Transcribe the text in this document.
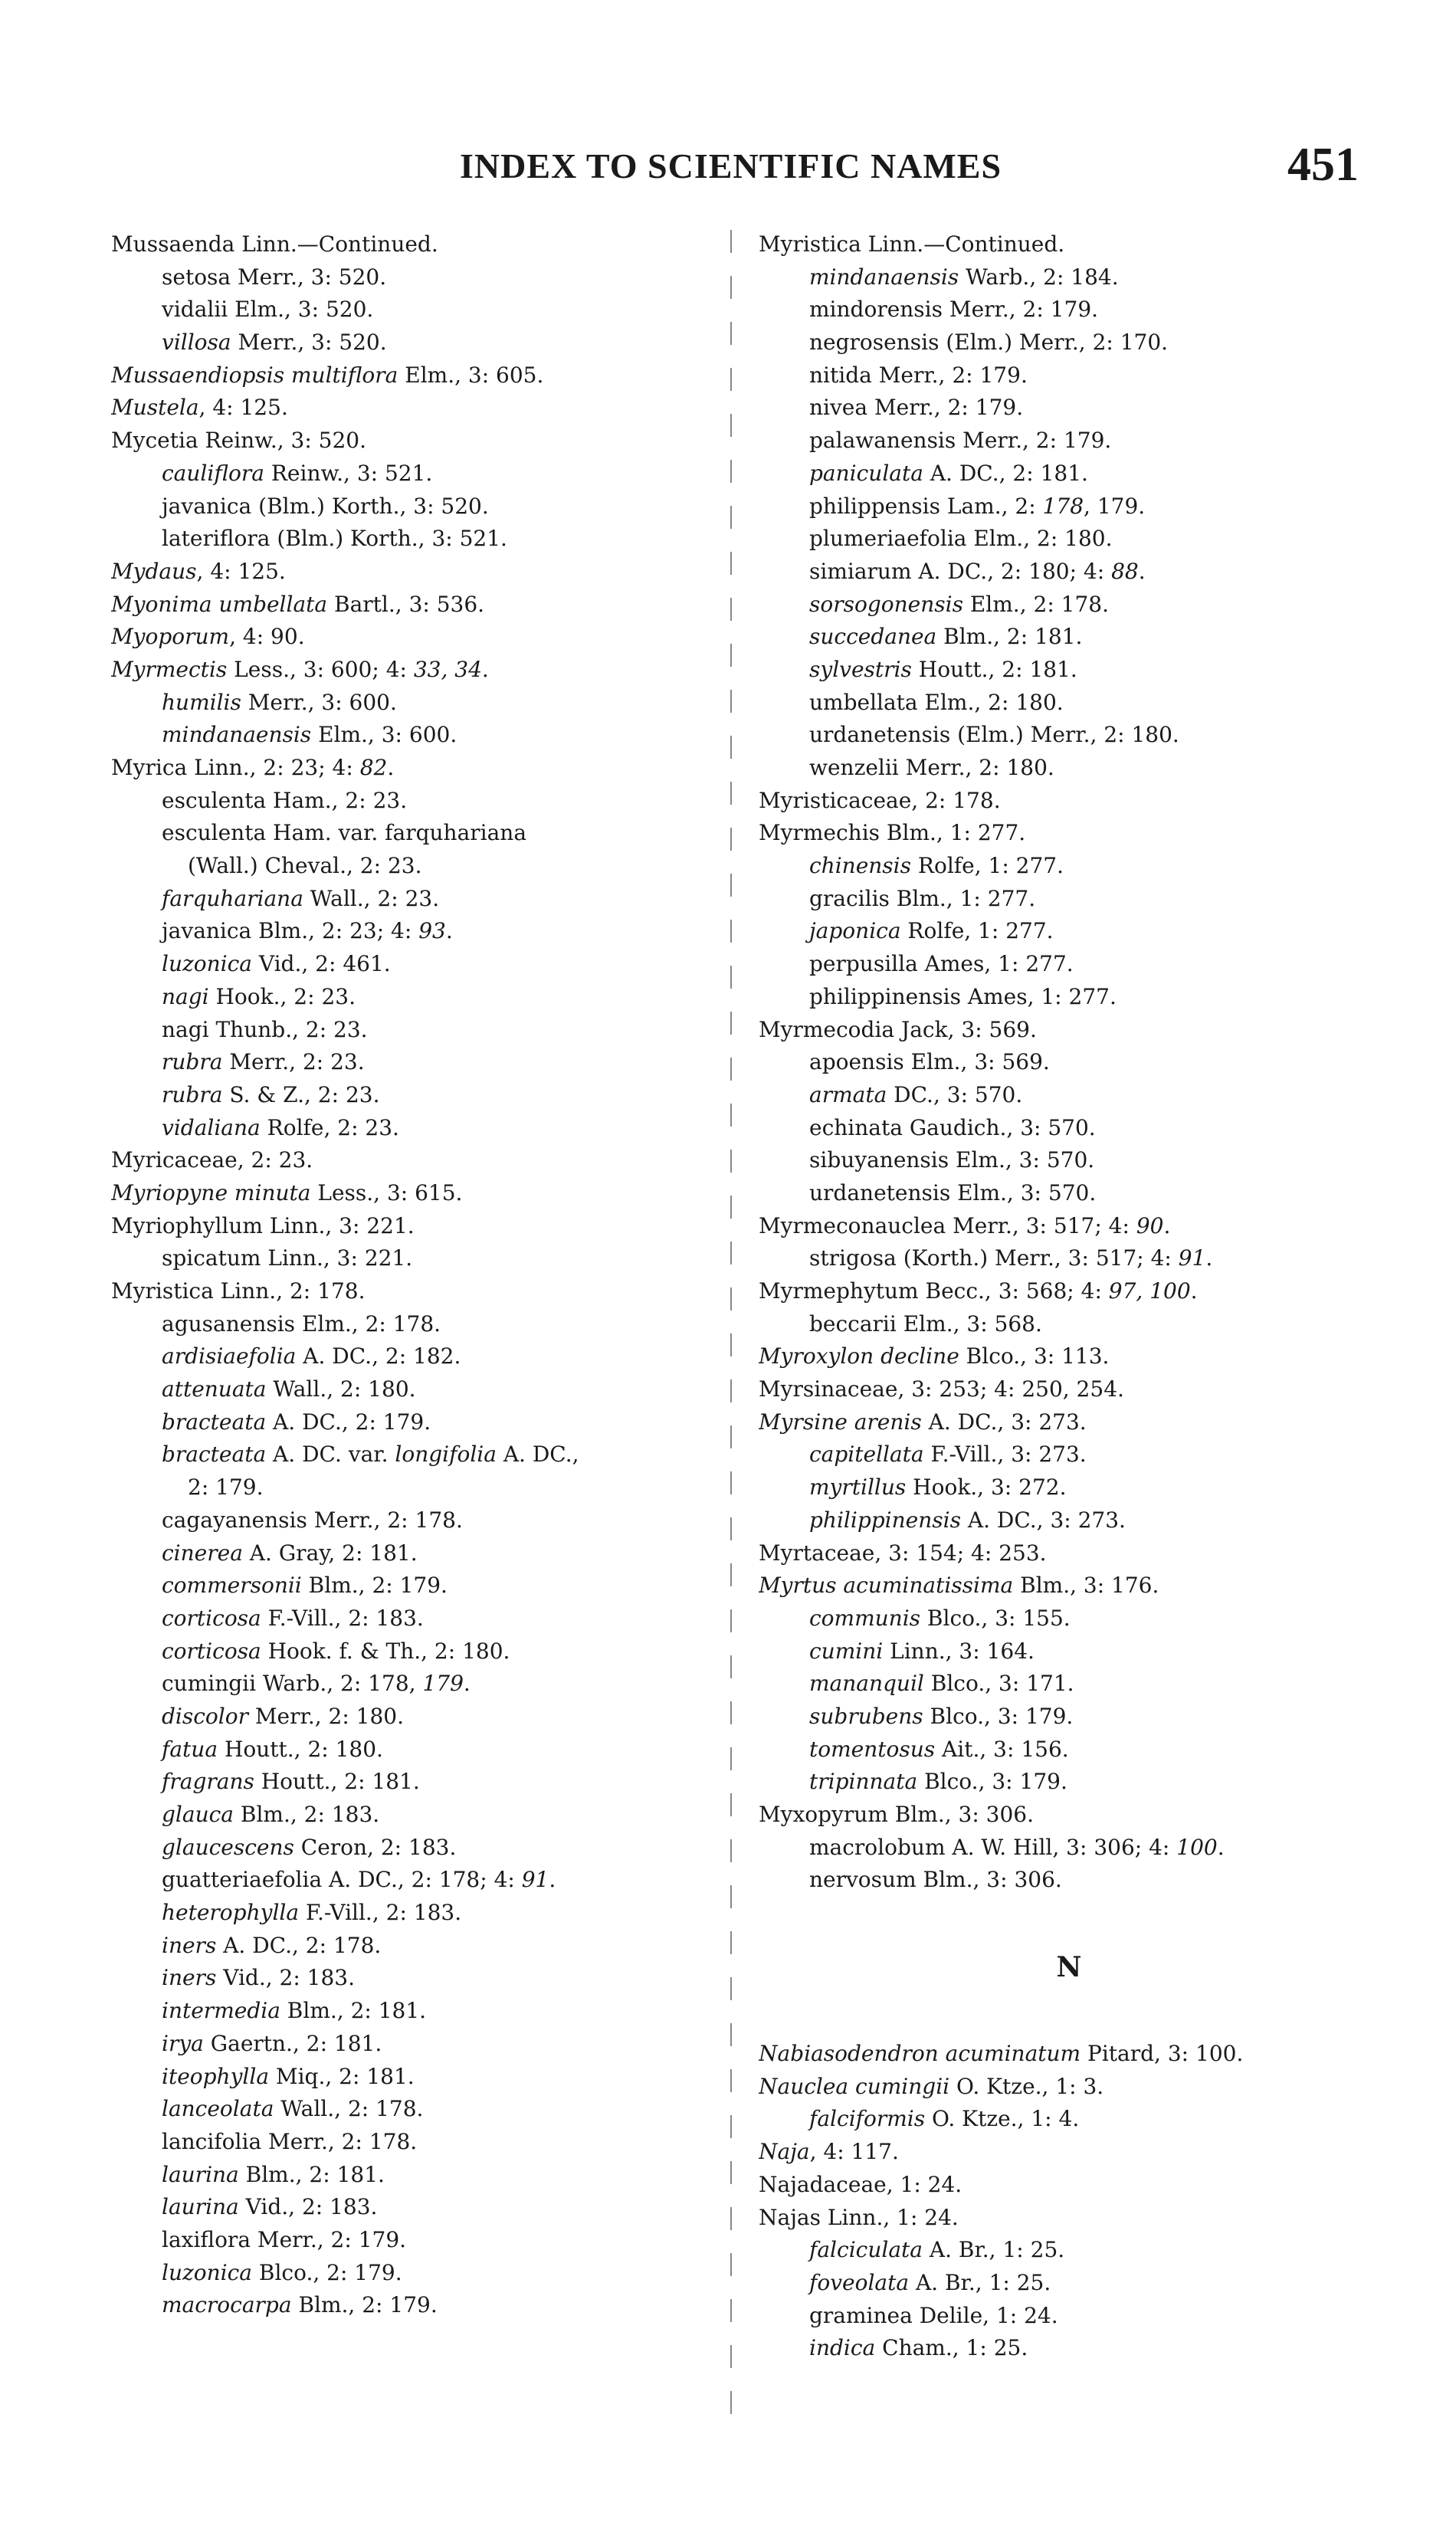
INDEX TO SCIENTIFIC NAMES	451
Mussaenda Linn.—Continued.
setosa Merr., 3: 520.
vidalii Elm., 3: 520.
villosa Merr., 3: 520.
Mussaendiopsis multiflora Elm., 3: 605.
Mustela, 4: 125.
Mycetia Reinw., 3: 520.
cauliflora Reinw., 3: 521.
javanica (Blm.) Korth., 3: 520.
lateriflora (Blm.) Korth., 3: 521.
Mydaus, 4: 125.
Myonima umbellata Bartl., 3: 536.
Myoporum, 4: 90.
Myrmectis Less., 3: 600; 4: 33, 34.
humilis Merr., 3: 600.
mindanaensis Elm., 3: 600.
Myrica Linn., 2: 23; 4: 82.
esculenta Ham., 2: 23.
esculenta Ham. var. farquhariana
(Wall.) Cheval., 2: 23.
farquhariana Wall., 2: 23.
javanica Blm., 2: 23; 4: 93.
luzonica Vid., 2: 461.
nagi Hook., 2: 23.
nagi Thunb., 2: 23.
rubra Merr., 2: 23.
rubra S. & Z., 2: 23.
vidaliana Rolfe, 2: 23.
Myricaceae, 2: 23.
Myriopyne minuta Less., 3: 615.
Myriophyllum Linn., 3: 221.
spicatum Linn., 3: 221.
Myristica Linn., 2: 178.
agusanensis Elm., 2: 178.
ardisiaefolia A. DC., 2: 182.
attenuata Wall., 2: 180.
bracteata A. DC., 2: 179.
bracteata A. DC. var. longifolia A. DC.,
2: 179.
cagayanensis Merr., 2: 178.
cinerea A. Gray, 2: 181.
commersonii Blm., 2: 179.
corticosa F.-Vill., 2: 183.
corticosa Hook. f. & Th., 2: 180.
cumingii Warb., 2: 178, 179.
discolor Merr., 2: 180.
fatua Houtt., 2: 180.
fragrans Houtt., 2: 181.
glauca Blm., 2: 183.
glaucescens Ceron, 2: 183.
guatteriaefolia A. DC., 2: 178; 4: 91.
heterophylla F.-Vill., 2: 183.
iners A. DC., 2: 178.
iners Vid., 2: 183.
intermedia Blm., 2: 181.
irya Gaertn., 2: 181.
iteophylla Miq., 2: 181.
lanceolata Wall., 2: 178.
lancifolia Merr., 2: 178.
laurina Blm., 2: 181.
laurina Vid., 2: 183.
laxiflora Merr., 2: 179.
luzonica Blco., 2: 179.
macrocarpa Blm., 2: 179.
Myristica Linn.—Continued.
mindanaensis Warb., 2: 184.
mindorensis Merr., 2: 179.
negrosensis (Elm.) Merr., 2: 170.
nitida Merr., 2: 179.
nivea Merr., 2: 179.
palawanensis Merr., 2: 179.
paniculata A. DC., 2: 181.
philippensis Lam., 2: 178, 179.
plumeriaefolia Elm., 2: 180.
simiarum A. DC., 2: 180; 4: 88.
sorsogonensis Elm., 2: 178.
succedanea Blm., 2: 181.
sylvestris Houtt., 2: 181.
umbellata Elm., 2: 180.
urdanetensis (Elm.) Merr., 2: 180.
wenzelii Merr., 2: 180.
Myristicaceae, 2: 178.
Myrmechis Blm., 1: 277.
chinensis Rolfe, 1: 277.
gracilis Blm., 1: 277.
japonica Rolfe, 1: 277.
perpusilla Ames, 1: 277.
philippinensis Ames, 1: 277.
Myrmecodia Jack, 3: 569.
apoensis Elm., 3: 569.
armata DC., 3: 570.
echinata Gaudich., 3: 570.
sibuyanensis Elm., 3: 570.
urdanetensis Elm., 3: 570.
Myrmeconauclea Merr., 3: 517; 4: 90.
strigosa (Korth.) Merr., 3: 517; 4: 91.
Myrmephytum Becc., 3: 568; 4: 97, 100.
beccarii Elm., 3: 568.
Myroxylon decline Blco., 3: 113.
Myrsinaceae, 3: 253; 4: 250, 254.
Myrsine arenis A. DC., 3: 273.
capitellata F.-Vill., 3: 273.
myrtillus Hook., 3: 272.
philippinensis A. DC., 3: 273.
Myrtaceae, 3: 154; 4: 253.
Myrtus acuminatissima Blm., 3: 176.
communis Blco., 3: 155.
cumini Linn., 3: 164.
mananquil Blco., 3: 171.
subrubens Blco., 3: 179.
tomentosus Ait., 3: 156.
tripinnata Blco., 3: 179.
Myxopyrum Blm., 3: 306.
macrolobum A. W. Hill, 3: 306; 4: 100.
nervosum Blm., 3: 306.
N
Nabiasodendron acuminatum Pitard, 3: 100.
Nauclea cumingii O. Ktze., 1: 3.
falciformis O. Ktze., 1: 4.
Naja, 4: 117.
Najadaceae, 1: 24.
Najas Linn., 1: 24.
falciculata A. Br., 1: 25.
foveolata A. Br., 1: 25.
graminea Delile, 1: 24.
indica Cham., 1: 25.
